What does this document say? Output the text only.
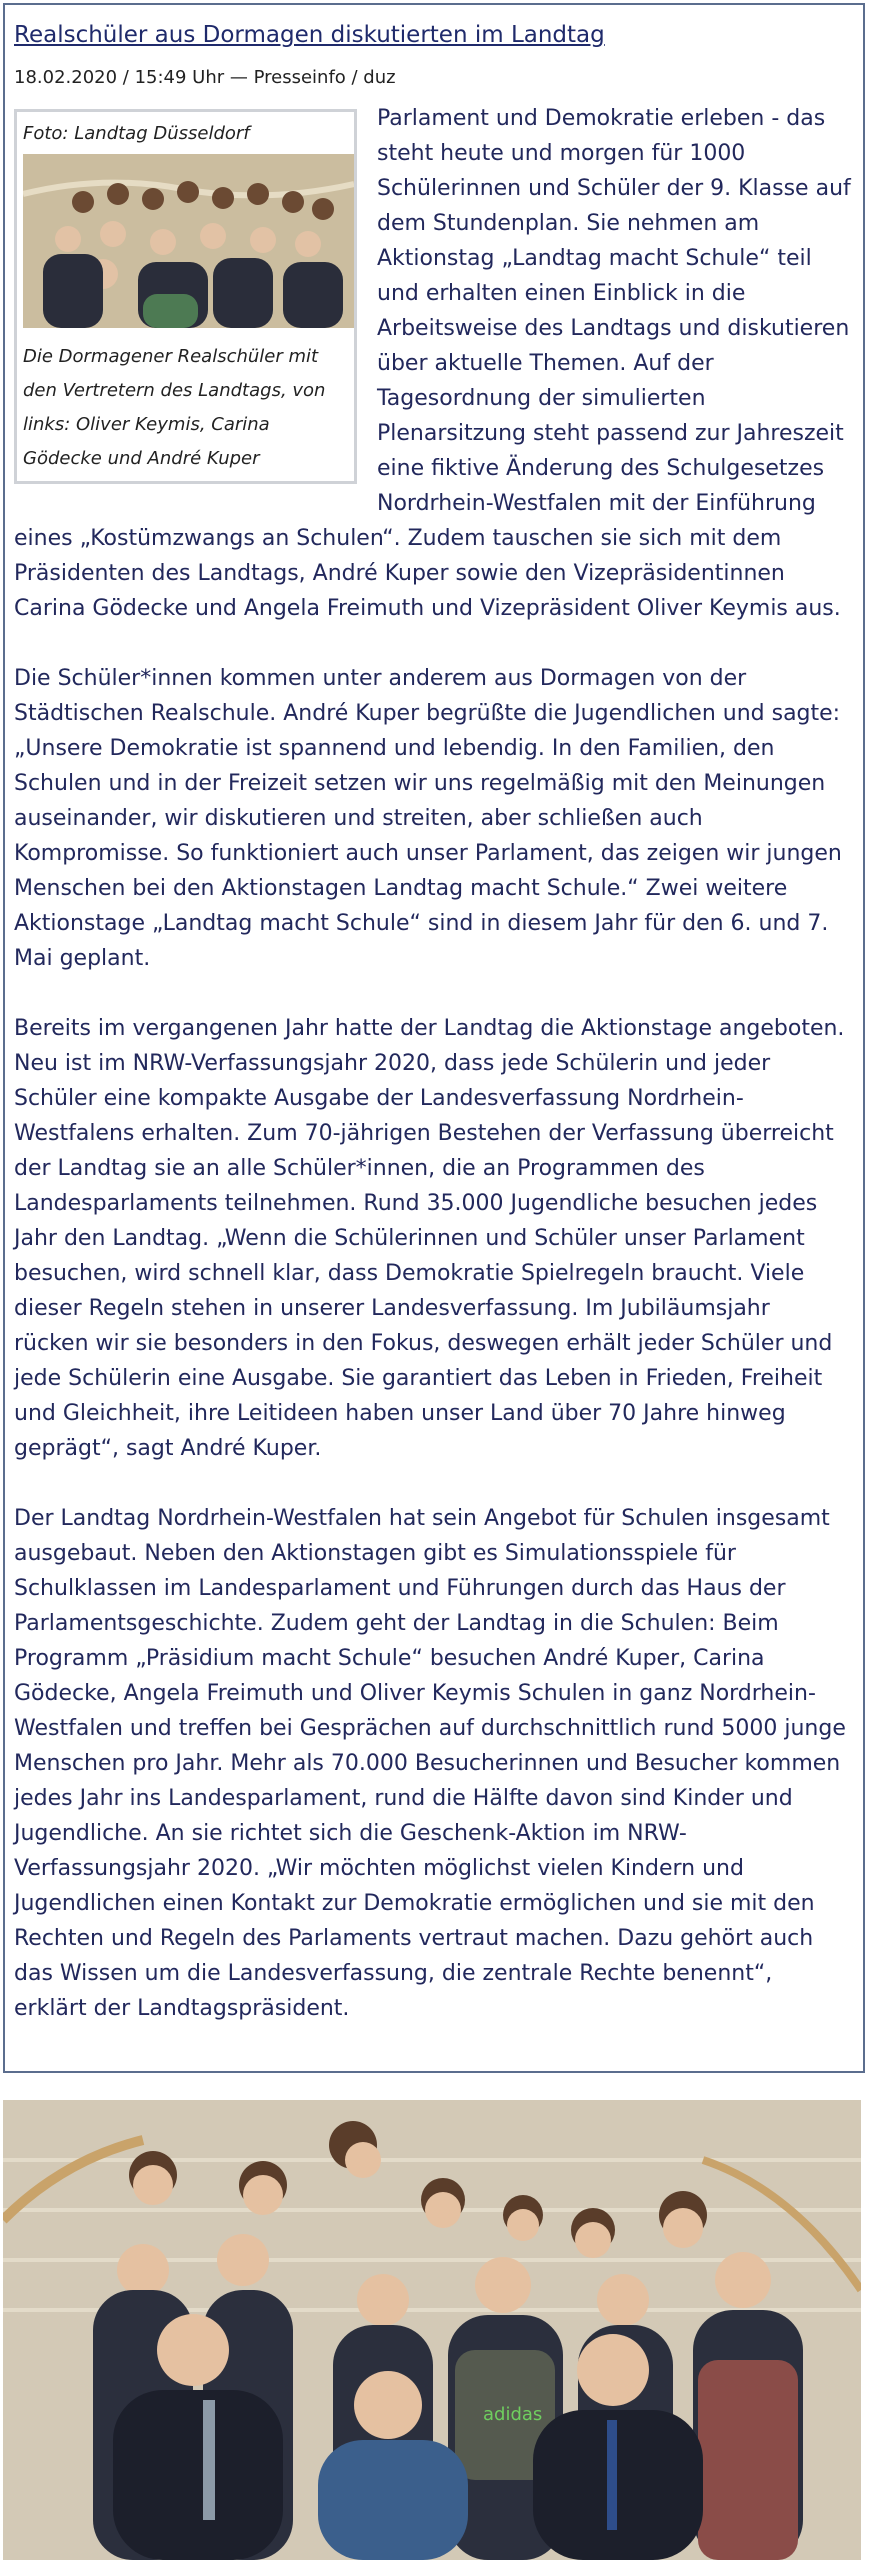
Realschüler aus Dormagen diskutierten im Landtag
18.02.2020 / 15:49 Uhr — Presseinfo / duz
Foto: Landtag Düsseldorf
Die Dormagener Realschüler mit den Vertretern des Landtags, von links: Oliver Keymis, Carina Gödecke und André Kuper

Parlament und Demokratie erleben - das steht heute und morgen für 1000 Schülerinnen und Schüler der 9. Klasse auf dem Stundenplan. Sie nehmen am Aktionstag „Landtag macht Schule“ teil und erhalten einen Einblick in die Arbeitsweise des Landtags und diskutieren über aktuelle Themen. Auf der Tagesordnung der simulierten Plenarsitzung steht passend zur Jahreszeit eine fiktive Änderung des Schulgesetzes Nordrhein-Westfalen mit der Einführung eines „Kostümzwangs an Schulen“. Zudem tauschen sie sich mit dem Präsidenten des Landtags, André Kuper sowie den Vizepräsidentinnen Carina Gödecke und Angela Freimuth und Vizepräsident Oliver Keymis aus.

Die Schüler*innen kommen unter anderem aus Dormagen von der Städtischen Realschule. André Kuper begrüßte die Jugendlichen und sagte: „Unsere Demokratie ist spannend und lebendig. In den Familien, den Schulen und in der Freizeit setzen wir uns regelmäßig mit den Meinungen auseinander, wir diskutieren und streiten, aber schließen auch Kompromisse. So funktioniert auch unser Parlament, das zeigen wir jungen Menschen bei den Aktionstagen Landtag macht Schule.“ Zwei weitere Aktionstage „Landtag macht Schule“ sind in diesem Jahr für den 6. und 7. Mai geplant.

Bereits im vergangenen Jahr hatte der Landtag die Aktionstage angeboten. Neu ist im NRW-Verfassungsjahr 2020, dass jede Schülerin und jeder Schüler eine kompakte Ausgabe der Landesverfassung Nordrhein-Westfalens erhalten. Zum 70-jährigen Bestehen der Verfassung überreicht der Landtag sie an alle Schüler*innen, die an Programmen des Landesparlaments teilnehmen. Rund 35.000 Jugendliche besuchen jedes Jahr den Landtag. „Wenn die Schülerinnen und Schüler unser Parlament besuchen, wird schnell klar, dass Demokratie Spielregeln braucht. Viele dieser Regeln stehen in unserer Landesverfassung. Im Jubiläumsjahr rücken wir sie besonders in den Fokus, deswegen erhält jeder Schüler und jede Schülerin eine Ausgabe. Sie garantiert das Leben in Frieden, Freiheit und Gleichheit, ihre Leitideen haben unser Land über 70 Jahre hinweg geprägt“, sagt André Kuper.

Der Landtag Nordrhein-Westfalen hat sein Angebot für Schulen insgesamt ausgebaut. Neben den Aktionstagen gibt es Simulationsspiele für Schulklassen im Landesparlament und Führungen durch das Haus der Parlamentsgeschichte. Zudem geht der Landtag in die Schulen: Beim Programm „Präsidium macht Schule“ besuchen André Kuper, Carina Gödecke, Angela Freimuth und Oliver Keymis Schulen in ganz Nordrhein-Westfalen und treffen bei Gesprächen auf durchschnittlich rund 5000 junge Menschen pro Jahr. Mehr als 70.000 Besucherinnen und Besucher kommen jedes Jahr ins Landesparlament, rund die Hälfte davon sind Kinder und Jugendliche. An sie richtet sich die Geschenk-Aktion im NRW-Verfassungsjahr 2020. „Wir möchten möglichst vielen Kindern und Jugendlichen einen Kontakt zur Demokratie ermöglichen und sie mit den Rechten und Regeln des Parlaments vertraut machen. Dazu gehört auch das Wissen um die Landesverfassung, die zentrale Rechte benennt“, erklärt der Landtagspräsident.

adidas
